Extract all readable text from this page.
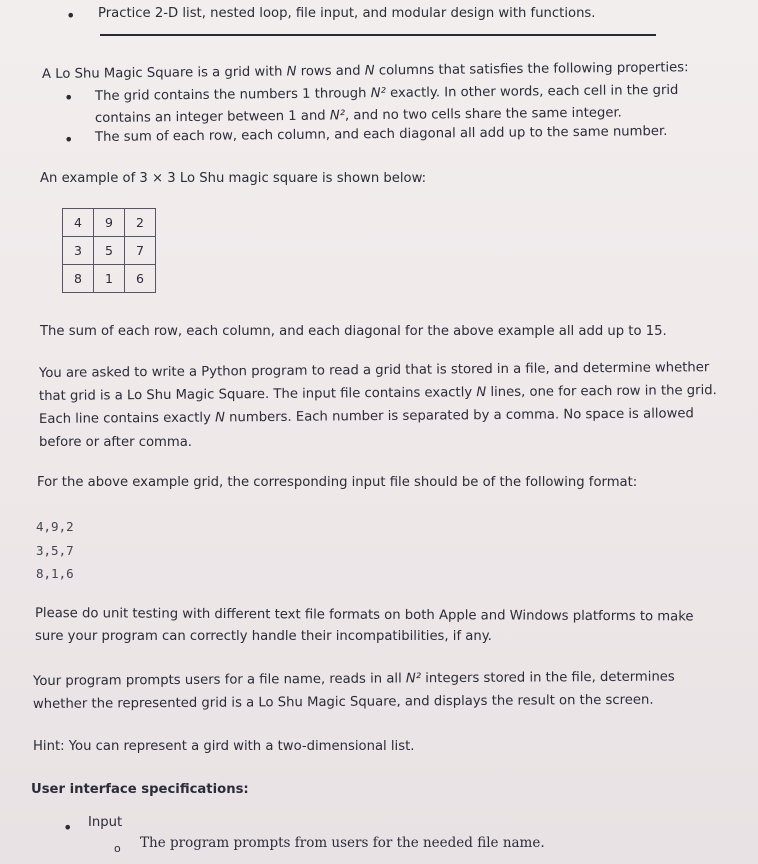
• Practice 2-D list, nested loop, file input, and modular design with functions.
A Lo Shu Magic Square is a grid with N rows and N columns that satisfies the following properties:
• The grid contains the numbers 1 through N² exactly. In other words, each cell in the grid
contains an integer between 1 and N², and no two cells share the same integer.
• The sum of each row, each column, and each diagonal all add up to the same number.
An example of 3 × 3 Lo Shu magic square is shown below:
4	9	2
3	5	7
8	1	6
The sum of each row, each column, and each diagonal for the above example all add up to 15.
You are asked to write a Python program to read a grid that is stored in a file, and determine whether
that grid is a Lo Shu Magic Square. The input file contains exactly N lines, one for each row in the grid.
Each line contains exactly N numbers. Each number is separated by a comma. No space is allowed
before or after comma.
For the above example grid, the corresponding input file should be of the following format:
4,9,2
3,5,7
8,1,6
Please do unit testing with different text file formats on both Apple and Windows platforms to make
sure your program can correctly handle their incompatibilities, if any.
Your program prompts users for a file name, reads in all N² integers stored in the file, determines
whether the represented grid is a Lo Shu Magic Square, and displays the result on the screen.
Hint: You can represent a gird with a two-dimensional list.
User interface specifications:
• Input
o The program prompts from users for the needed file name.
